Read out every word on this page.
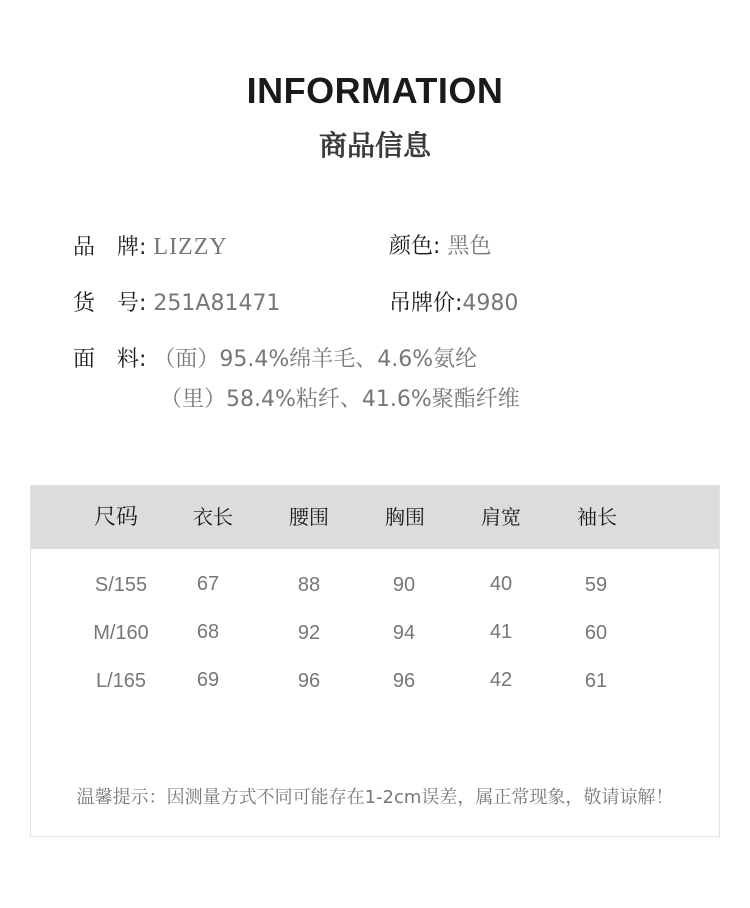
INFORMATION
商品信息
品　牌: LIZZY	颜色: 黑色
货　号: 251A81471	吊牌价:4980
面　料: （面）95.4%绵羊毛、4.6%氨纶
（里）58.4%粘纤、41.6%聚酯纤维
尺码	衣长	腰围	胸围	肩宽	袖长
S/155	67	88	90	40	59
M/160	68	92	94	41	60
L/165	69	96	96	42	61
温馨提示：因测量方式不同可能存在1-2cm误差，属正常现象，敬请谅解！
